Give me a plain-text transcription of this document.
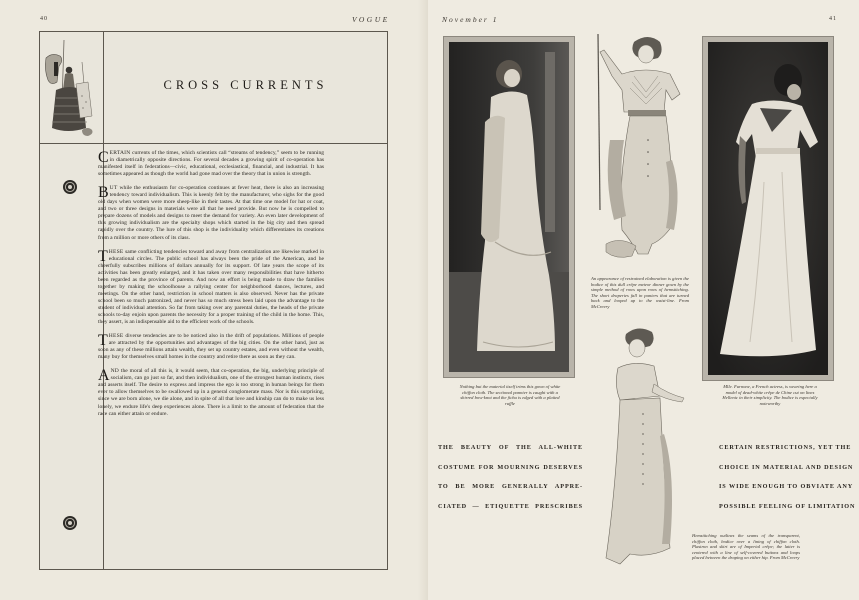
40	VOGUE
CROSS CURRENTS

CERTAIN currents of the times, which scientists call “streams of tendency,” seem to be running in diametrically opposite directions. For several decades a growing spirit of co-operation has manifested itself in federations—civic, educational, ecclesiastical, financial, and industrial. It has sometimes appeared as though the world had gone mad over the theory that in union is strength.

BUT while the enthusiasm for co-operation continues at fever heat, there is also an increasing tendency toward individualism. This is keenly felt by the manufacturer, who sighs for the good old days when women were more sheep-like in their tastes. At that time one model for hat or coat, and two or three designs in materials were all that he need provide. But now he is compelled to prepare dozens of models and designs to meet the demand for variety. An even later development of this growing individualism are the specialty shops which started in the big city and then spread rapidly over the country. The lure of this shop is the individuality which differentiates its creations from a million or more others of its class.

THESE same conflicting tendencies toward and away from centralization are likewise marked in educational circles. The public school has always been the pride of the American, and he cheerfully subscribes millions of dollars annually for its support. Of late years the scope of its activities has been greatly enlarged, and it has taken over many responsibilities that have hitherto been regarded as the province of parents. And now an effort is being made to draw the families together by making the schoolhouse a rallying center for neighborhood dances, lectures, and meetings. On the other hand, restriction in school matters is also observed. Never has the private school been so much patronized, and never has so much stress been laid upon the advantage to the student of individual attention. So far from taking over any parental duties, the heads of the private schools to-day enjoin upon parents the necessity for a proper training of the child in the home. This, they assert, is an indispensable aid to the efficient work of the schools.

THESE diverse tendencies are to be noticed also in the drift of populations. Millions of people are attracted by the opportunities and advantages of the big cities. On the other hand, just as soon as any of these millions attain wealth, they set up country estates, and even without the wealth, many buy for themselves small homes in the country and retire there as soon as they can.

AND the moral of all this is, it would seem, that co-operation, the big, underlying principle of socialism, can go just so far, and then individualism, one of the strongest human instincts, rises and asserts itself. The desire to express and impress the ego is too strong in human beings for them ever to allow themselves to be swallowed up in a general conglomerate mass. Nor is this surprising, since we are born alone, we die alone, and in spite of all that love and kinship can do to make us less lonely, we endure life's deep experiences alone. There is a limit to the amount of federation that the race can either attain or endure.

November 1	41
Nothing but the material itself trims this gown of white chiffon cloth. The sectional pannier is caught with a shirred bow-knot and the fichu is edged with a plaited ruffle
An appearance of restrained elaboration is given the bodice of this dull crêpe meteor dinner gown by the simple method of rows upon rows of hemstitching. The short draperies fall in paniers that are turned back and looped up to the waist-line. From McCreery
Mlle. Furnone, a French actress, is wearing here a model of dead-white crêpe de Chine cut on lines Hellenic in their simplicity. The bodice is especially noteworthy
Hemstitching outlines the seams of the transparent, chiffon cloth, bodice over a lining of chiffon cloth. Plastron and skirt are of Imperial crêpe; the latter is centered with a line of self-covered buttons and loops placed between the draping on either hip. From McCreery
THE BEAUTY OF THE ALL-WHITE
COSTUME FOR MOURNING DESERVES
TO BE MORE GENERALLY APPRE-
CIATED — ETIQUETTE PRESCRIBES
CERTAIN RESTRICTIONS, YET THE
CHOICE IN MATERIAL AND DESIGN
IS WIDE ENOUGH TO OBVIATE ANY
POSSIBLE FEELING OF LIMITATION
